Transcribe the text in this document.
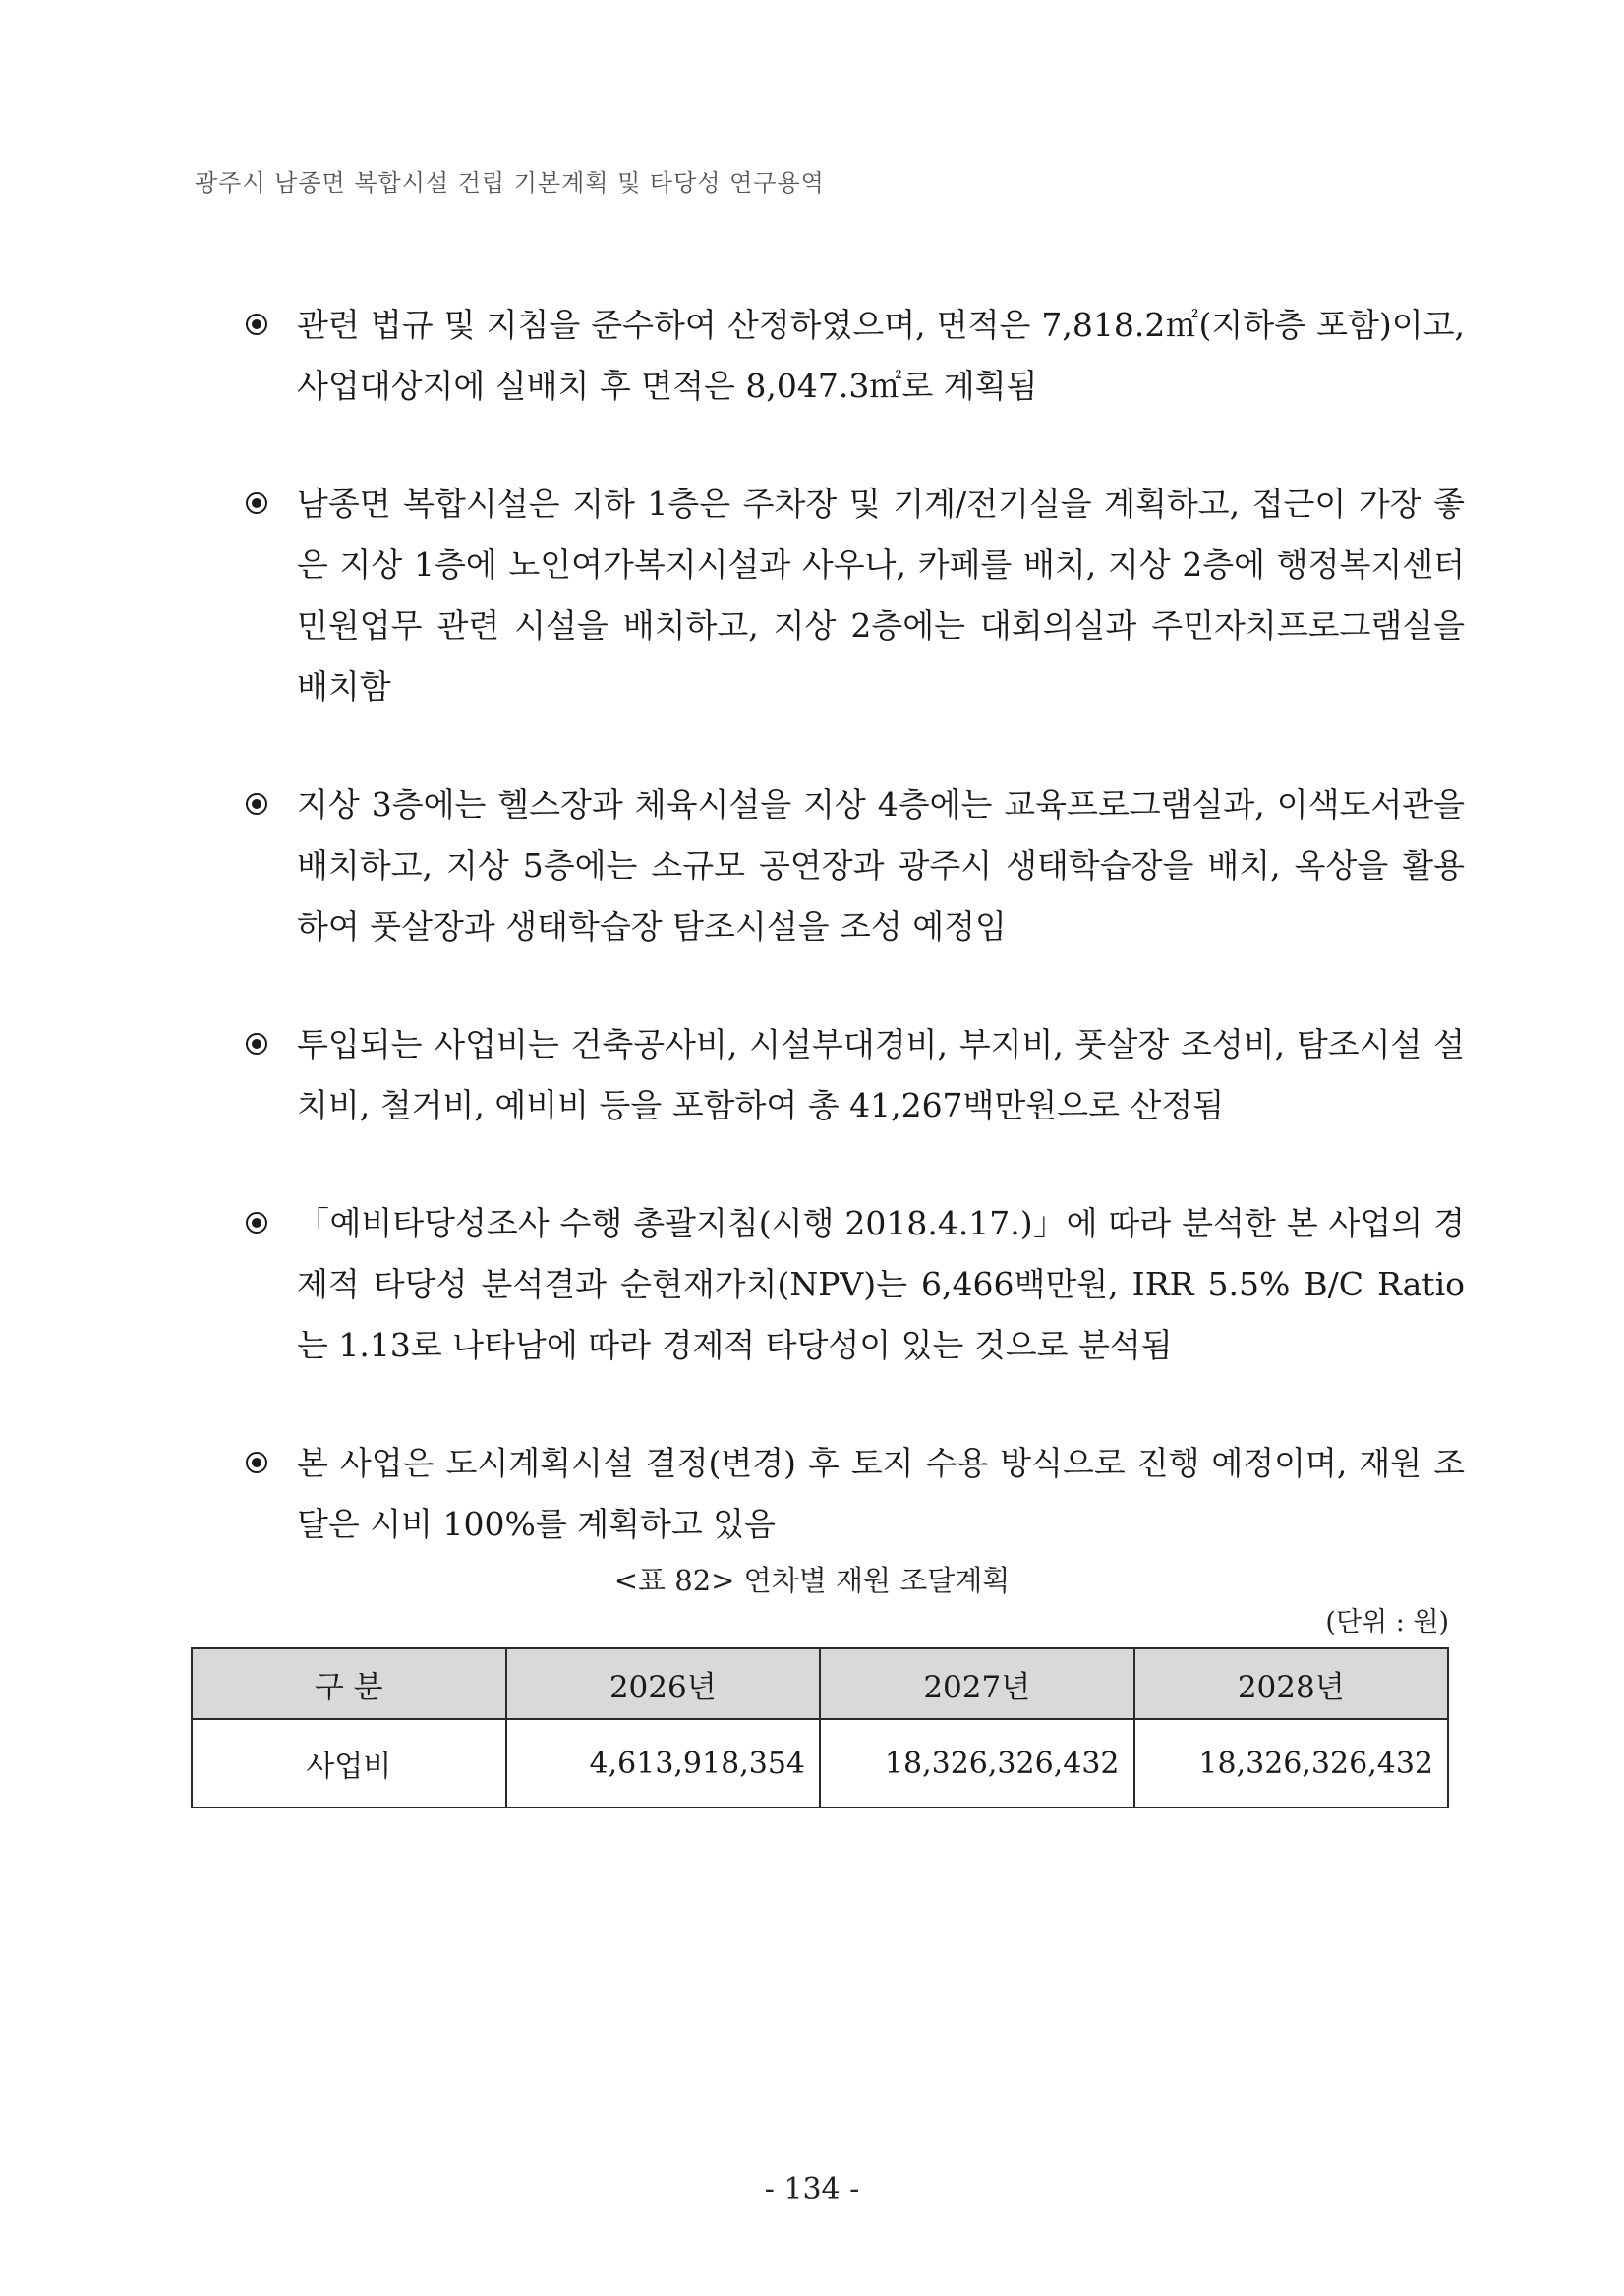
광주시 남종면 복합시설 건립 기본계획 및 타당성 연구용역
관련 법규 및 지침을 준수하여 산정하였으며, 면적은 7,818.2㎡(지하층 포함)이고, 사업대상지에 실배치 후 면적은 8,047.3㎡로 계획됨
남종면 복합시설은 지하 1층은 주차장 및 기계/전기실을 계획하고, 접근이 가장 좋은 지상 1층에 노인여가복지시설과 사우나, 카페를 배치, 지상 2층에 행정복지센터 민원업무 관련 시설을 배치하고, 지상 2층에는 대회의실과 주민자치프로그램실을 배치함
지상 3층에는 헬스장과 체육시설을 지상 4층에는 교육프로그램실과, 이색도서관을 배치하고, 지상 5층에는 소규모 공연장과 광주시 생태학습장을 배치, 옥상을 활용하여 풋살장과 생태학습장 탐조시설을 조성 예정임
투입되는 사업비는 건축공사비, 시설부대경비, 부지비, 풋살장 조성비, 탐조시설 설치비, 철거비, 예비비 등을 포함하여 총 41,267백만원으로 산정됨
「예비타당성조사 수행 총괄지침(시행 2018.4.17.)」에 따라 분석한 본 사업의 경제적 타당성 분석결과 순현재가치(NPV)는 6,466백만원, IRR 5.5% B/C Ratio는 1.13로 나타남에 따라 경제적 타당성이 있는 것으로 분석됨
본 사업은 도시계획시설 결정(변경) 후 토지 수용 방식으로 진행 예정이며, 재원 조달은 시비 100%를 계획하고 있음
<표 82> 연차별 재원 조달계획
(단위 : 원)
구 분	2026년	2027년	2028년
사업비	4,613,918,354	18,326,326,432	18,326,326,432
- 134 -
